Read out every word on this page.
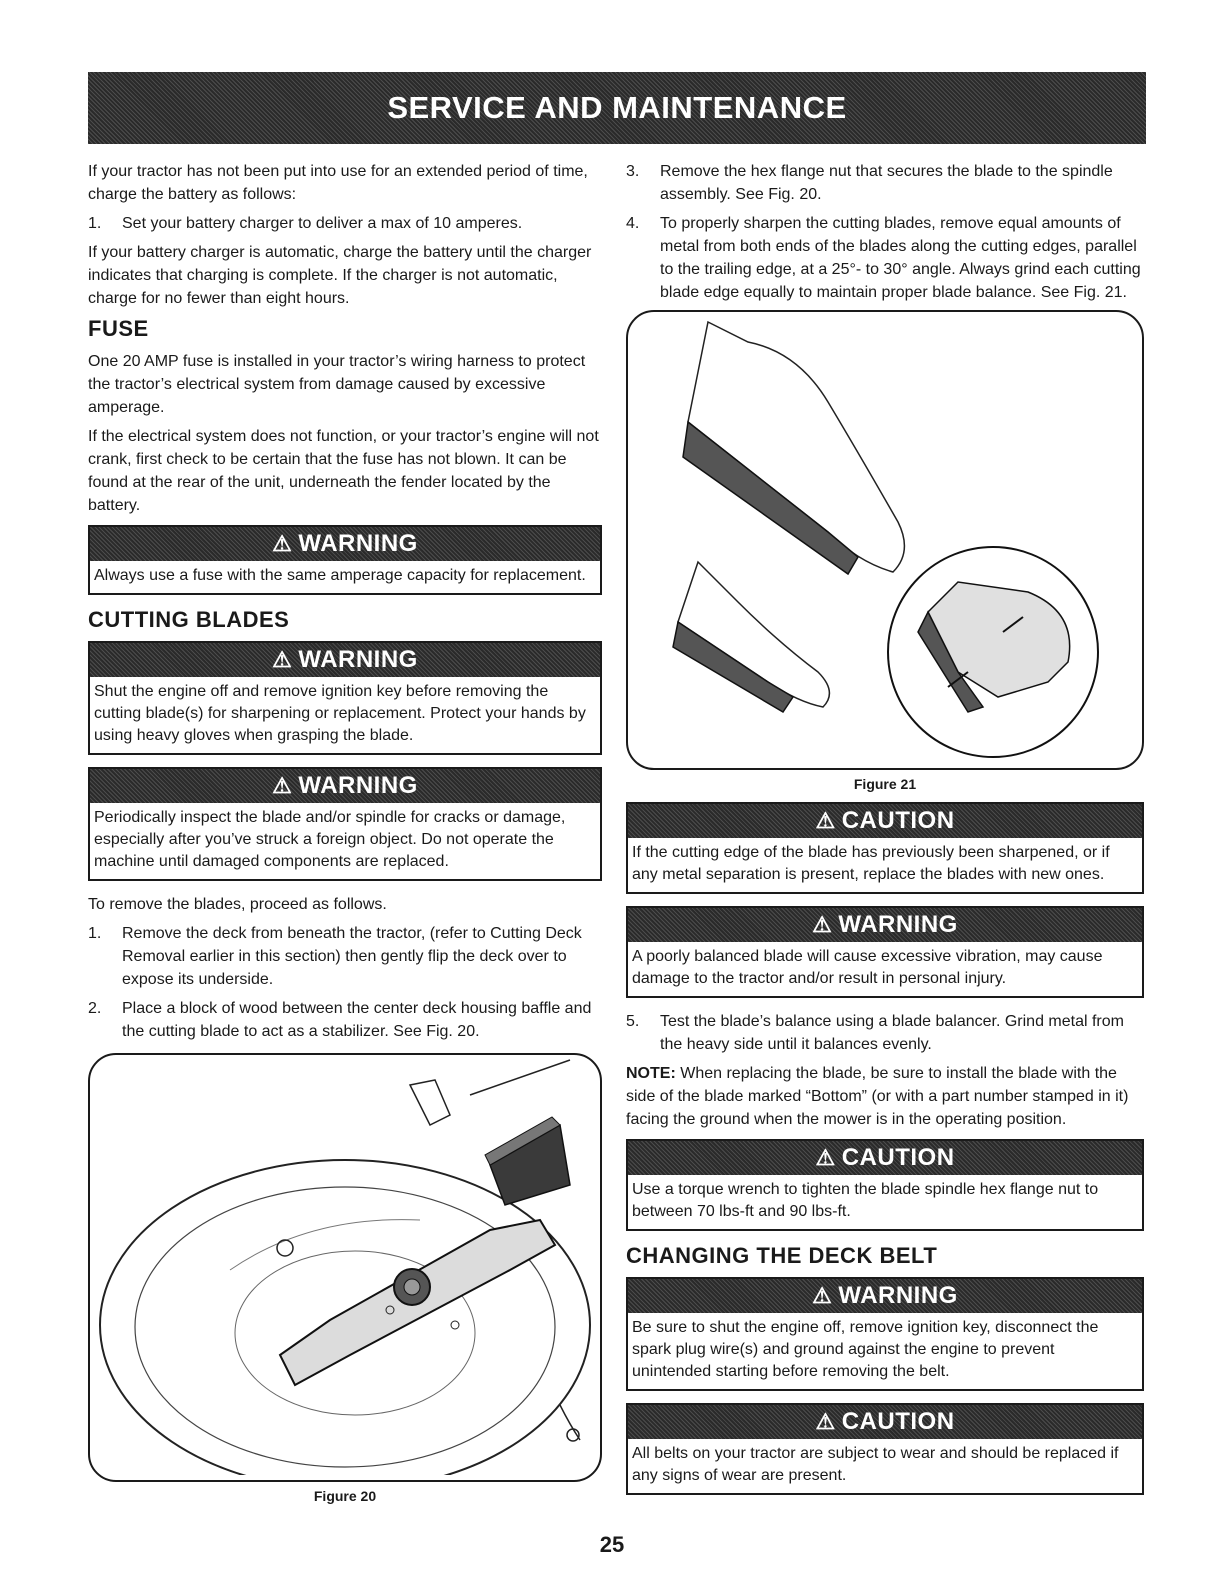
SERVICE AND MAINTENANCE

If your tractor has not been put into use for an extended period of time, charge the battery as follows:

1.	Set your battery charger to deliver a max of 10 amperes.

If your battery charger is automatic, charge the battery until the charger indicates that charging is complete. If the charger is not automatic, charge for no fewer than eight hours.

FUSE

One 20 AMP fuse is installed in your tractor’s wiring harness to protect the tractor’s electrical system from damage caused by excessive amperage.

If the electrical system does not function, or your tractor’s engine will not crank, first check to be certain that the fuse has not blown. It can be found at the rear of the unit, underneath the fender located by the battery.

⚠ WARNING
Always use a fuse with the same amperage capacity for replacement.
CUTTING BLADES
⚠ WARNING
Shut the engine off and remove ignition key before removing the cutting blade(s) for sharpening or replacement. Protect your hands by using heavy gloves when grasping the blade.
⚠ WARNING
Periodically inspect the blade and/or spindle for cracks or damage, especially after you’ve struck a foreign object. Do not operate the machine until damaged components are replaced.

To remove the blades, proceed as follows.

1.	Remove the deck from beneath the tractor, (refer to Cutting Deck Removal earlier in this section) then gently flip the deck over to expose its underside.
2.	Place a block of wood between the center deck housing baffle and the cutting blade to act as a stabilizer. See Fig. 20.
Figure 20
3.	Remove the hex flange nut that secures the blade to the spindle assembly. See Fig. 20.
4.	To properly sharpen the cutting blades, remove equal amounts of metal from both ends of the blades along the cutting edges, parallel to the trailing edge, at a 25°- to 30° angle. Always grind each cutting blade edge equally to maintain proper blade balance. See Fig. 21.
Figure 21
⚠ CAUTION
If the cutting edge of the blade has previously been sharpened, or if any metal separation is present, replace the blades with new ones.
⚠ WARNING
A poorly balanced blade will cause excessive vibration, may cause damage to the tractor and/or result in personal injury.
5.	Test the blade’s balance using a blade balancer. Grind metal from the heavy side until it balances evenly.

NOTE: When replacing the blade, be sure to install the blade with the side of the blade marked “Bottom” (or with a part number stamped in it) facing the ground when the mower is in the operating position.

⚠ CAUTION
Use a torque wrench to tighten the blade spindle hex flange nut to between 70 lbs-ft and 90 lbs-ft.
CHANGING THE DECK BELT
⚠ WARNING
Be sure to shut the engine off, remove ignition key, disconnect the spark plug wire(s) and ground against the engine to prevent unintended starting before removing the belt.
⚠ CAUTION
All belts on your tractor are subject to wear and should be replaced if any signs of wear are present.
25
